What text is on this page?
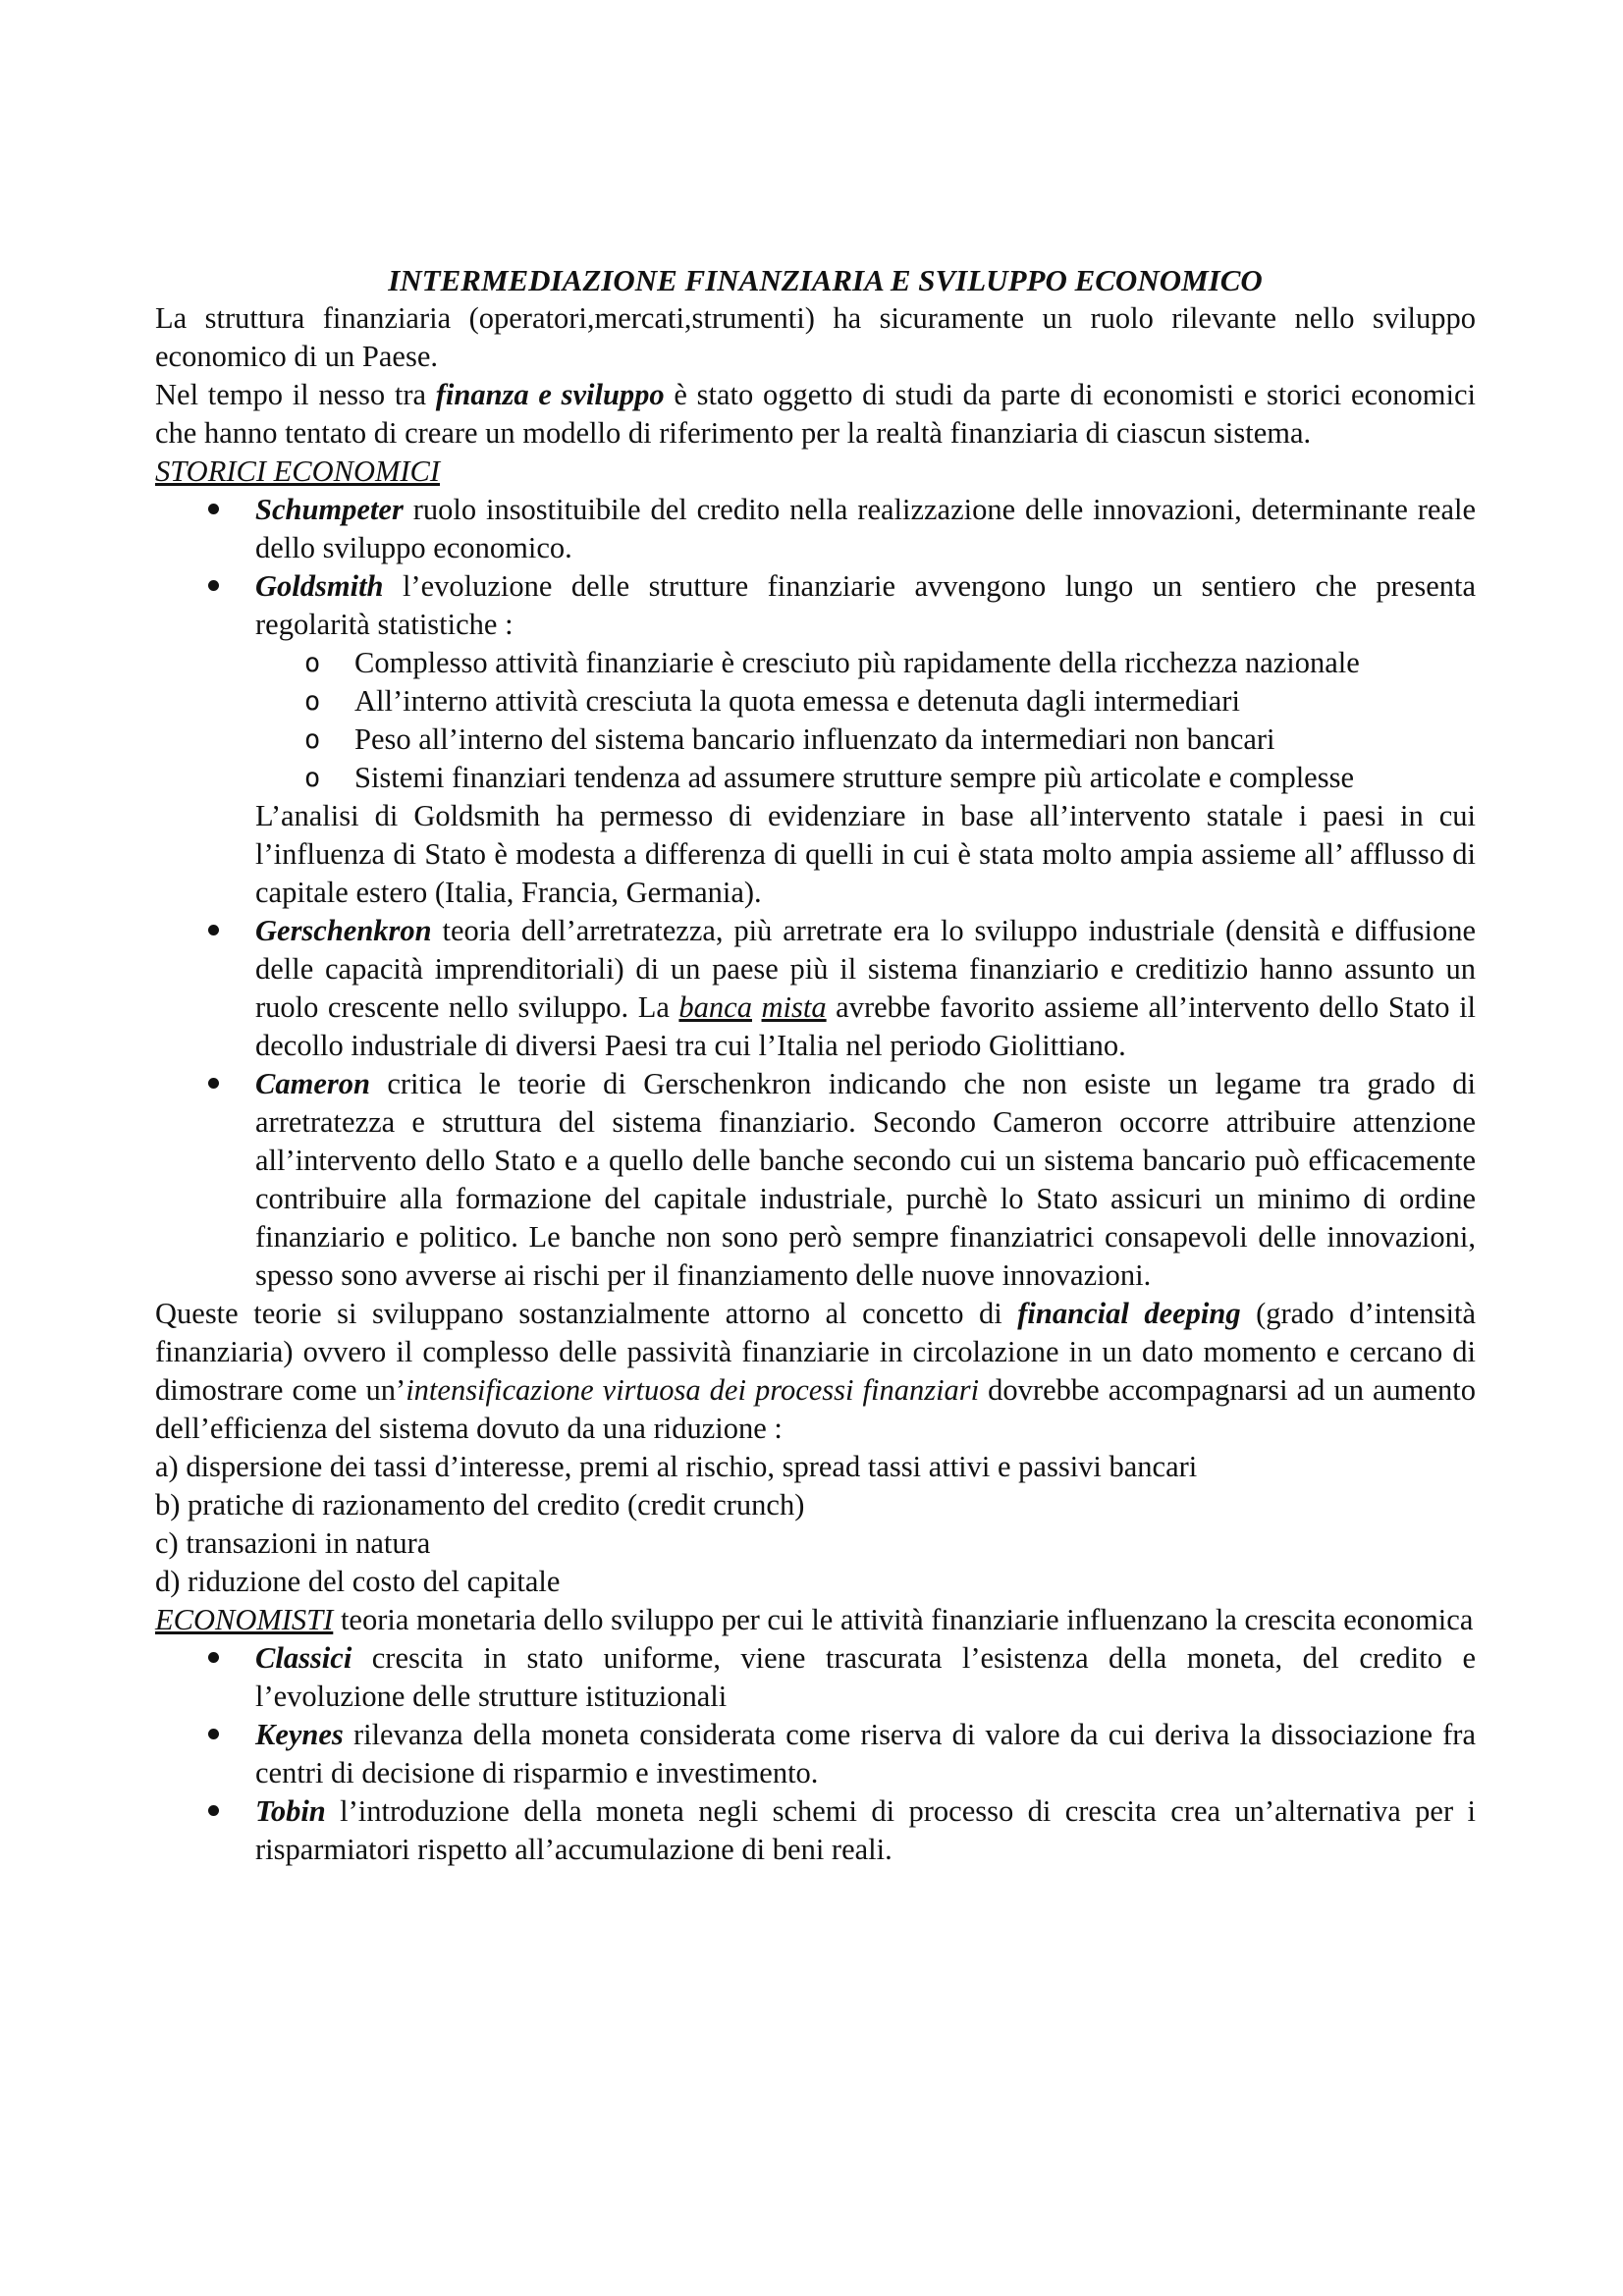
INTERMEDIAZIONE FINANZIARIA E SVILUPPO ECONOMICO

La struttura finanziaria (operatori,mercati,strumenti) ha sicuramente un ruolo rilevante nello sviluppo economico di un Paese.

Nel tempo il nesso tra finanza e sviluppo è stato oggetto di studi da parte di economisti e storici economici che hanno tentato di creare un modello di riferimento per la realtà finanziaria di ciascun sistema.

STORICI ECONOMICI

Schumpeter ruolo insostituibile del credito nella realizzazione delle innovazioni, determinante reale dello sviluppo economico.
Goldsmith l’evoluzione delle strutture finanziarie avvengono lungo un sentiero che presenta regolarità statistiche :
o Complesso attività finanziarie è cresciuto più rapidamente della ricchezza nazionale
o All’interno attività cresciuta la quota emessa e detenuta dagli intermediari
o Peso all’interno del sistema bancario influenzato da intermediari non bancari
o Sistemi finanziari tendenza ad assumere strutture sempre più articolate e complesse

L’analisi di Goldsmith ha permesso di evidenziare in base all’intervento statale i paesi in cui l’influenza di Stato è modesta a differenza di quelli in cui è stata molto ampia assieme all’ afflusso di capitale estero (Italia, Francia, Germania).

Gerschenkron teoria dell’arretratezza, più arretrate era lo sviluppo industriale (densità e diffusione delle capacità imprenditoriali) di un paese più il sistema finanziario e creditizio hanno assunto un ruolo crescente nello sviluppo. La banca mista avrebbe favorito assieme all’intervento dello Stato il decollo industriale di diversi Paesi tra cui l’Italia nel periodo Giolittiano.
Cameron critica le teorie di Gerschenkron indicando che non esiste un legame tra grado di arretratezza e struttura del sistema finanziario. Secondo Cameron occorre attribuire attenzione all’intervento dello Stato e a quello delle banche secondo cui un sistema bancario può efficacemente contribuire alla formazione del capitale industriale, purchè lo Stato assicuri un minimo di ordine finanziario e politico. Le banche non sono però sempre finanziatrici consapevoli delle innovazioni, spesso sono avverse ai rischi per il finanziamento delle nuove innovazioni.

Queste teorie si sviluppano sostanzialmente attorno al concetto di financial deeping (grado d’intensità finanziaria) ovvero il complesso delle passività finanziarie in circolazione in un dato momento e cercano di dimostrare come un’intensificazione virtuosa dei processi finanziari dovrebbe accompagnarsi ad un aumento dell’efficienza del sistema dovuto da una riduzione :

a) dispersione dei tassi d’interesse, premi al rischio, spread tassi attivi e passivi bancari

b) pratiche di razionamento del credito (credit crunch)

c) transazioni in natura

d) riduzione del costo del capitale

ECONOMISTI teoria monetaria dello sviluppo per cui le attività finanziarie influenzano la crescita economica

Classici crescita in stato uniforme, viene trascurata l’esistenza della moneta, del credito e l’evoluzione delle strutture istituzionali
Keynes rilevanza della moneta considerata come riserva di valore da cui deriva la dissociazione fra centri di decisione di risparmio e investimento.
Tobin l’introduzione della moneta negli schemi di processo di crescita crea un’alternativa per i risparmiatori rispetto all’accumulazione di beni reali.
